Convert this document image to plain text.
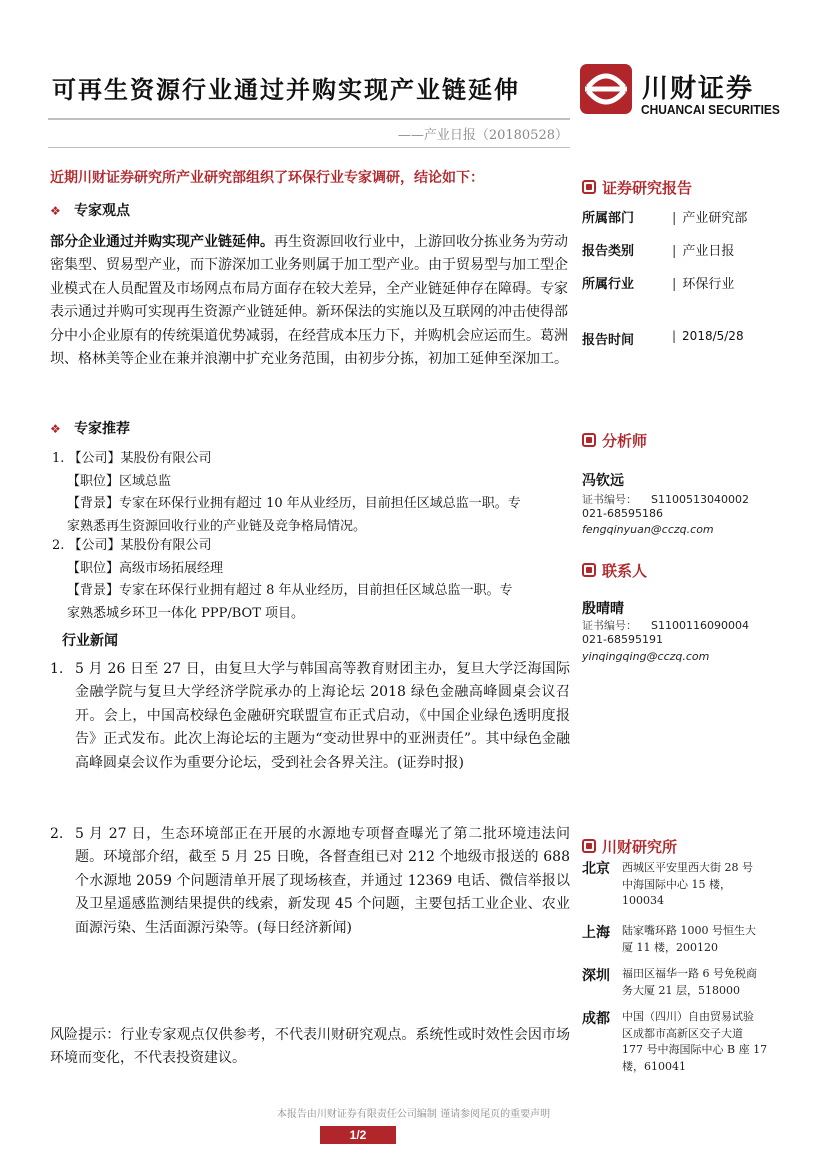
可再生资源行业通过并购实现产业链延伸
——产业日报（20180528）
川财证券
CHUANCAI SECURITIES
近期川财证券研究所产业研究部组织了环保行业专家调研，结论如下：
❖ 专家观点
部分企业通过并购实现产业链延伸。再生资源回收行业中，上游回收分拣业务为劳动密集型、贸易型产业，而下游深加工业务则属于加工型产业。由于贸易型与加工型企业模式在人员配置及市场网点布局方面存在较大差异，全产业链延伸存在障碍。专家表示通过并购可实现再生资源产业链延伸。新环保法的实施以及互联网的冲击使得部分中小企业原有的传统渠道优势减弱，在经营成本压力下，并购机会应运而生。葛洲坝、格林美等企业在兼并浪潮中扩充业务范围，由初步分拣，初加工延伸至深加工。
❖ 专家推荐
1. 【公司】某股份有限公司
【职位】区域总监
【背景】专家在环保行业拥有超过 10 年从业经历，目前担任区域总监一职。专
家熟悉再生资源回收行业的产业链及竞争格局情况。
2. 【公司】某股份有限公司
【职位】高级市场拓展经理
【背景】专家在环保行业拥有超过 8 年从业经历，目前担任区域总监一职。专
家熟悉城乡环卫一体化 PPP/BOT 项目。
行业新闻
1. 5 月 26 日至 27 日，由复旦大学与韩国高等教育财团主办，复旦大学泛海国际金融学院与复旦大学经济学院承办的上海论坛 2018 绿色金融高峰圆桌会议召开。会上，中国高校绿色金融研究联盟宣布正式启动，《中国企业绿色透明度报告》正式发布。此次上海论坛的主题为“变动世界中的亚洲责任”。其中绿色金融高峰圆桌会议作为重要分论坛，受到社会各界关注。(证券时报)
2. 5 月 27 日，生态环境部正在开展的水源地专项督查曝光了第二批环境违法问题。环境部介绍，截至 5 月 25 日晚，各督查组已对 212 个地级市报送的 688 个水源地 2059 个问题清单开展了现场核查，并通过 12369 电话、微信举报以及卫星遥感监测结果提供的线索，新发现 45 个问题，主要包括工业企业、农业面源污染、生活面源污染等。(每日经济新闻)
风险提示：行业专家观点仅供参考，不代表川财研究观点。系统性或时效性会因市场环境而变化，不代表投资建议。
本报告由川财证券有限责任公司编制 谨请参阅尾页的重要声明
1/2
证券研究报告
所属部门	| 产业研究部
报告类别	| 产业日报
所属行业	| 环保行业
报告时间	| 2018/5/28
分析师
冯钦远
证书编号： S1100513040002
021-68595186
fengqinyuan@cczq.com
联系人
殷晴晴
证书编号： S1100116090004
021-68595191
yinqingqing@cczq.com
川财研究所
北京 西城区平安里西大街 28 号
中海国际中心 15 楼，
100034
上海 陆家嘴环路 1000 号恒生大
厦 11 楼，200120
深圳 福田区福华一路 6 号免税商
务大厦 21 层，518000
成都 中国（四川）自由贸易试验
区成都市高新区交子大道
177 号中海国际中心 B 座 17
楼，610041
